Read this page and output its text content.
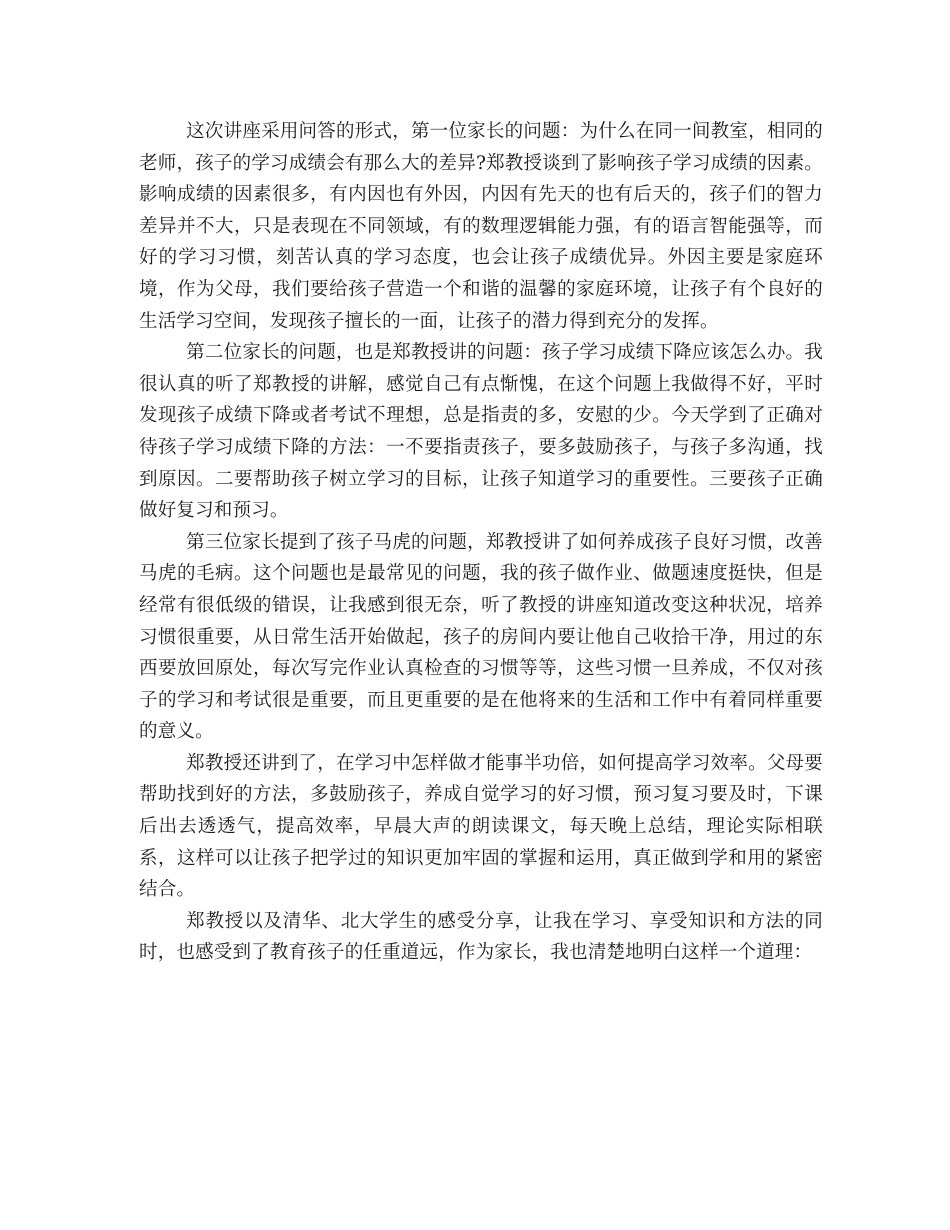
这次讲座采用问答的形式，第一位家长的问题：为什么在同一间教室，相同的老师，孩子的学习成绩会有那么大的差异?郑教授谈到了影响孩子学习成绩的因素。影响成绩的因素很多，有内因也有外因，内因有先天的也有后天的，孩子们的智力差异并不大，只是表现在不同领域，有的数理逻辑能力强，有的语言智能强等，而好的学习习惯，刻苦认真的学习态度，也会让孩子成绩优异。外因主要是家庭环境，作为父母，我们要给孩子营造一个和谐的温馨的家庭环境，让孩子有个良好的生活学习空间，发现孩子擅长的一面，让孩子的潜力得到充分的发挥。

第二位家长的问题，也是郑教授讲的问题：孩子学习成绩下降应该怎么办。我很认真的听了郑教授的讲解，感觉自己有点惭愧，在这个问题上我做得不好，平时发现孩子成绩下降或者考试不理想，总是指责的多，安慰的少。今天学到了正确对待孩子学习成绩下降的方法：一不要指责孩子，要多鼓励孩子，与孩子多沟通，找到原因。二要帮助孩子树立学习的目标，让孩子知道学习的重要性。三要孩子正确做好复习和预习。

第三位家长提到了孩子马虎的问题，郑教授讲了如何养成孩子良好习惯，改善马虎的毛病。这个问题也是最常见的问题，我的孩子做作业、做题速度挺快，但是经常有很低级的错误，让我感到很无奈，听了教授的讲座知道改变这种状况，培养习惯很重要，从日常生活开始做起，孩子的房间内要让他自己收拾干净，用过的东西要放回原处，每次写完作业认真检查的习惯等等，这些习惯一旦养成，不仅对孩子的学习和考试很是重要，而且更重要的是在他将来的生活和工作中有着同样重要的意义。

郑教授还讲到了，在学习中怎样做才能事半功倍，如何提高学习效率。父母要帮助找到好的方法，多鼓励孩子，养成自觉学习的好习惯，预习复习要及时，下课后出去透透气，提高效率，早晨大声的朗读课文，每天晚上总结，理论实际相联系，这样可以让孩子把学过的知识更加牢固的掌握和运用，真正做到学和用的紧密结合。

郑教授以及清华、北大学生的感受分享，让我在学习、享受知识和方法的同时，也感受到了教育孩子的任重道远，作为家长，我也清楚地明白这样一个道理：
